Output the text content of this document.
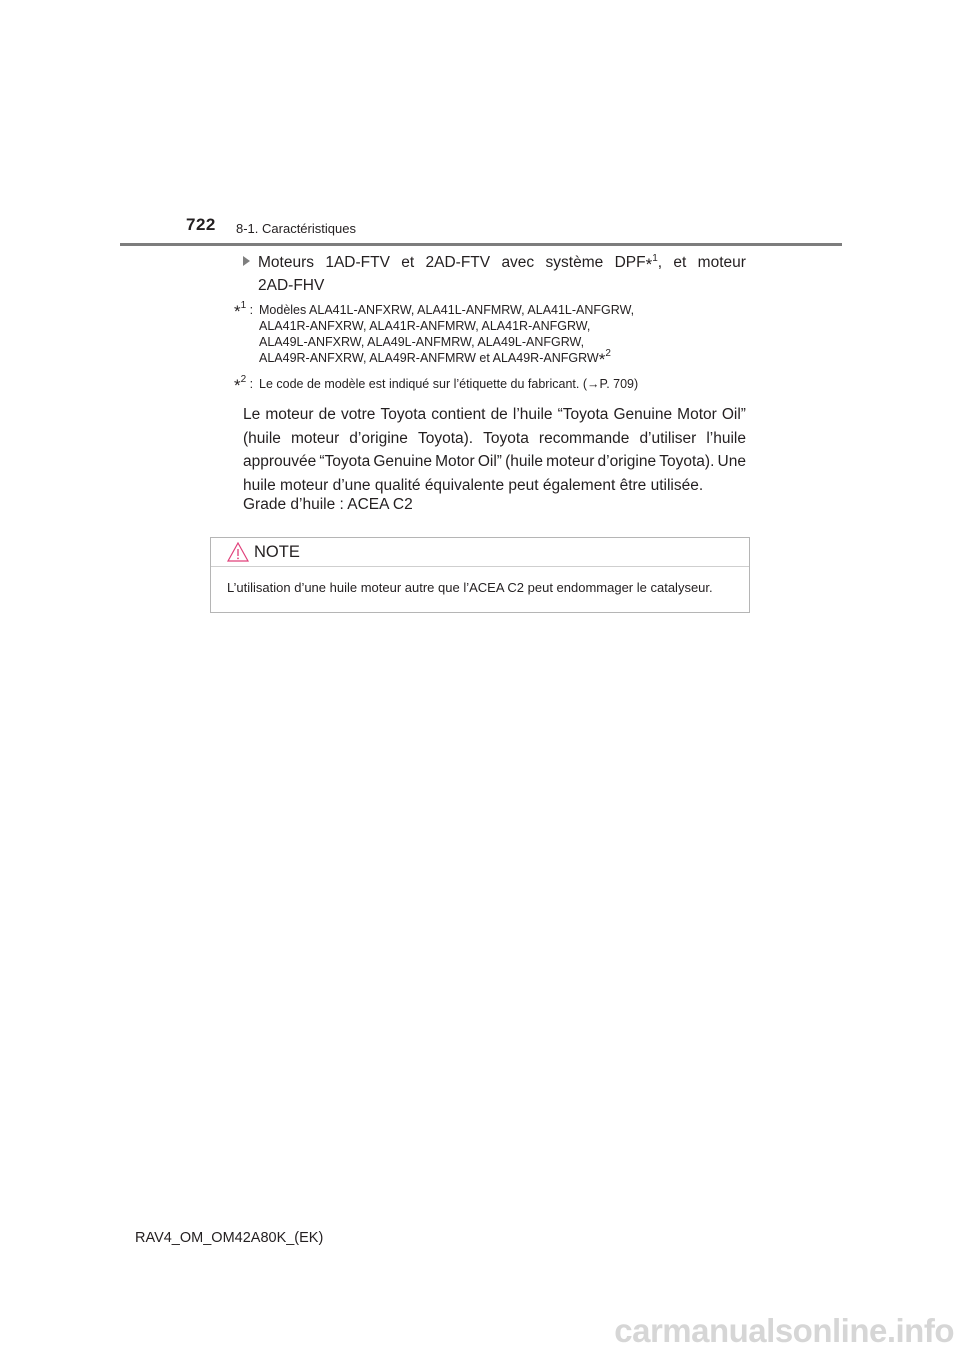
722 8-1. Caractéristiques
Moteurs 1AD-FTV et 2AD-FTV avec système DPF*$^1$, et moteur
2AD-FHV
*$^1$ : Modèles ALA41L-ANFXRW, ALA41L-ANFMRW, ALA41L-ANFGRW,
ALA41R-ANFXRW, ALA41R-ANFMRW, ALA41R-ANFGRW,
ALA49L-ANFXRW, ALA49L-ANFMRW, ALA49L-ANFGRW,
ALA49R-ANFXRW, ALA49R-ANFMRW et ALA49R-ANFGRW*$^2$
*$^2$ : Le code de modèle est indiqué sur l’étiquette du fabricant. (→P. 709)
Le moteur de votre Toyota contient de l’huile “Toyota Genuine Motor Oil”
(huile moteur d’origine Toyota). Toyota recommande d’utiliser l’huile
approuvée “Toyota Genuine Motor Oil” (huile moteur d’origine Toyota). Une
huile moteur d’une qualité équivalente peut également être utilisée.
Grade d’huile : ACEA C2
NOTE
L’utilisation d’une huile moteur autre que l’ACEA C2 peut endommager le catalyseur.
RAV4_OM_OM42A80K_(EK)
carmanualsonline.info
